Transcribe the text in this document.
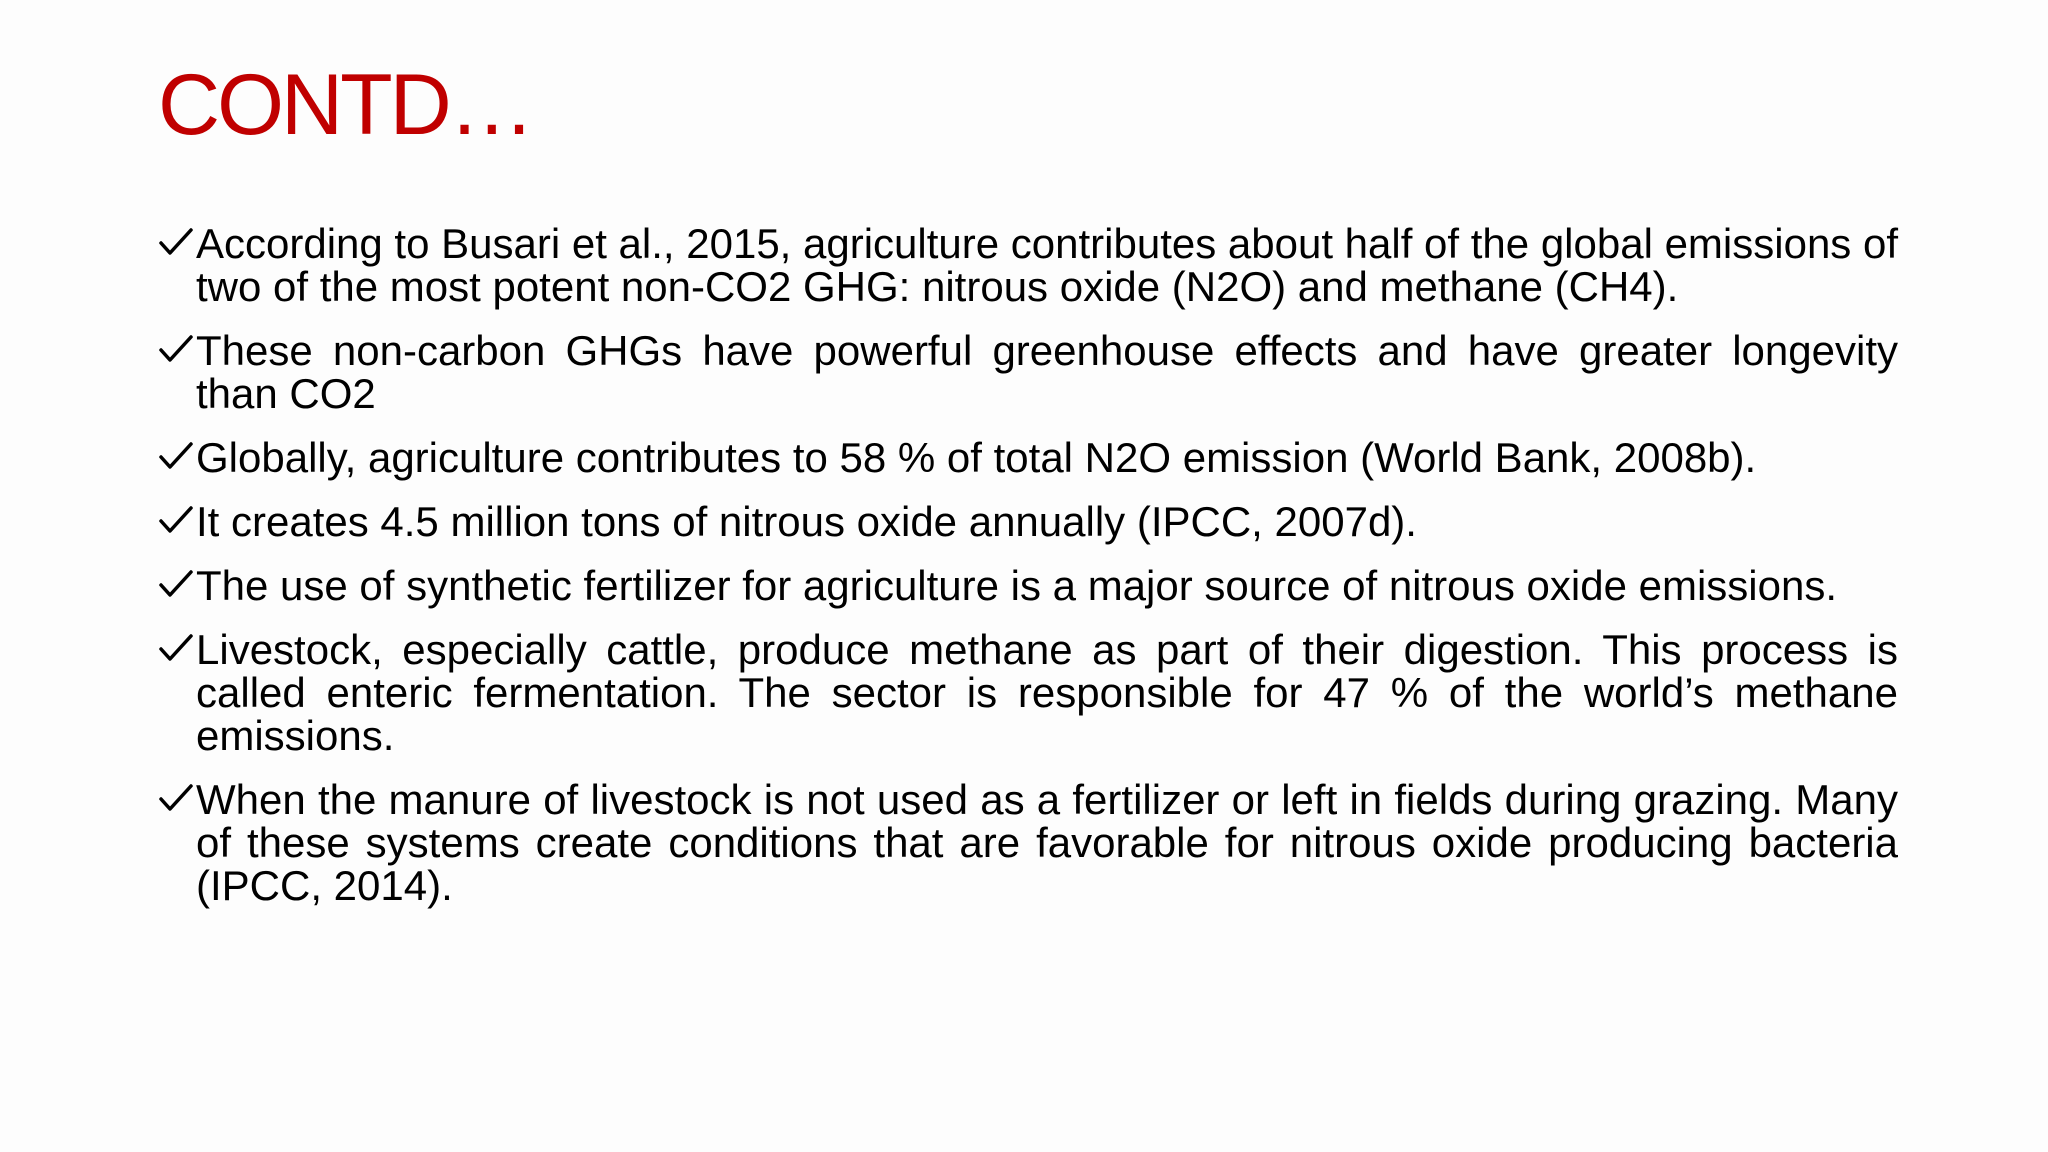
CONTD…
According to Busari et al., 2015, agriculture contributes about half of the global emissions of two of the most potent non-CO2 GHG: nitrous oxide (N2O) and methane (CH4).
These non-carbon GHGs have powerful greenhouse effects and have greater longevity than CO2
Globally, agriculture contributes to 58 % of total N2O emission (World Bank, 2008b).
It creates 4.5 million tons of nitrous oxide annually (IPCC, 2007d).
The use of synthetic fertilizer for agriculture is a major source of nitrous oxide emissions.
Livestock, especially cattle, produce methane as part of their digestion. This process is called enteric fermentation. The sector is responsible for 47 % of the world’s methane emissions.
When the manure of livestock is not used as a fertilizer or left in fields during grazing. Many of these systems create conditions that are favorable for nitrous oxide producing bacteria (IPCC, 2014).
